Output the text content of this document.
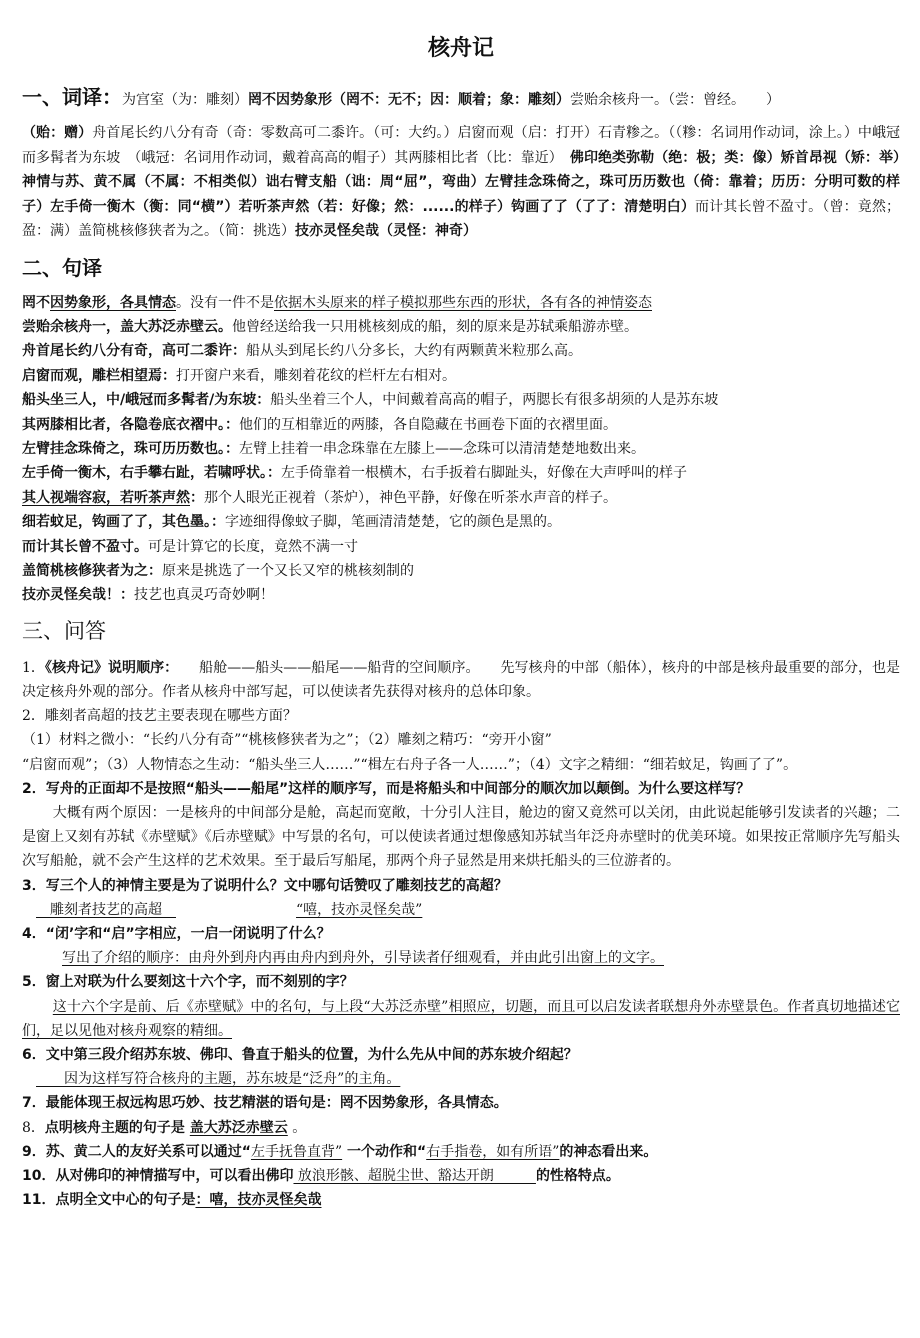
核舟记

一、词译：为宫室（为：雕刻）罔不因势象形（罔不：无不；因：顺着；象：雕刻）尝贻余核舟一。（尝：曾经。　　）

（贻：赠）舟首尾长约八分有奇（奇：零数高可二黍许。（可：大约。）启窗而观（启：打开）石青糁之。（（糁：名词用作动词，涂上。）中峨冠而多髯者为东坡　（峨冠：名词用作动词，戴着高高的帽子）其两膝相比者（比：靠近）　佛印绝类弥勒（绝：极；类：像）矫首昂视（矫：举）神情与苏、黄不属（不属：不相类似）诎右臂支船（诎：周“屈”，弯曲）左臂挂念珠倚之，珠可历历数也（倚：靠着；历历：分明可数的样子）左手倚一衡木（衡：同“横”）若听茶声然（若：好像；然：......的样子）钩画了了（了了：清楚明白）而计其长曾不盈寸。（曾：竟然；盈：满）盖简桃核修狭者为之。（简：挑选）技亦灵怪矣哉（灵怪：神奇）

二、句译

罔不因势象形，各具情态。没有一件不是依据木头原来的样子模拟那些东西的形状，各有各的神情姿态

尝贻余核舟一，盖大苏泛赤壁云。他曾经送给我一只用桃核刻成的船，刻的原来是苏轼乘船游赤壁。

舟首尾长约八分有奇，高可二黍许：船从头到尾长约八分多长，大约有两颗黄米粒那么高。

启窗而观，雕栏相望焉：打开窗户来看，雕刻着花纹的栏杆左右相对。

船头坐三人，中/峨冠而多髯者/为东坡：船头坐着三个人，中间戴着高高的帽子，两腮长有很多胡须的人是苏东坡

其两膝相比者，各隐卷底衣褶中。：他们的互相靠近的两膝，各自隐藏在书画卷下面的衣褶里面。

左臂挂念珠倚之，珠可历历数也。：左臂上挂着一串念珠靠在左膝上——念珠可以清清楚楚地数出来。

左手倚一衡木，右手攀右趾，若啸呼状。：左手倚靠着一根横木，右手扳着右脚趾头，好像在大声呼叫的样子

其人视端容寂，若听茶声然：那个人眼光正视着（茶炉），神色平静，好像在听茶水声音的样子。

细若蚊足，钩画了了，其色墨。：字迹细得像蚊子脚，笔画清清楚楚，它的颜色是黑的。

而计其长曾不盈寸。可是计算它的长度，竟然不满一寸

盖简桃核修狭者为之：原来是挑选了一个又长又窄的桃核刻制的

技亦灵怪矣哉！：技艺也真灵巧奇妙啊！

三、问答

1．《核舟记》说明顺序：　　船舱——船头——船尾——船背的空间顺序。　　先写核舟的中部（船体），核舟的中部是核舟最重要的部分，也是决定核舟外观的部分。作者从核舟中部写起，可以使读者先获得对核舟的总体印象。

2．雕刻者高超的技艺主要表现在哪些方面？

（1）材料之微小：“长约八分有奇”“桃核修狭者为之”；（2）雕刻之精巧：“旁开小窗”

“启窗而观”；（3）人物情态之生动：“船头坐三人……”“楫左右舟子各一人……”；（4）文字之精细：“细若蚊足，钩画了了”。

2．写舟的正面却不是按照“船头——船尾”这样的顺序写，而是将船头和中间部分的顺次加以颠倒。为什么要这样写？

大概有两个原因：一是核舟的中间部分是舱，高起而宽敞，十分引人注目，舱边的窗又竟然可以关闭，由此说起能够引发读者的兴趣；二是窗上又刻有苏轼《赤壁赋》《后赤壁赋》中写景的名句，可以使读者通过想像感知苏轼当年泛舟赤壁时的优美环境。如果按正常顺序先写船头次写船舱，就不会产生这样的艺术效果。至于最后写船尾，那两个舟子显然是用来烘托船头的三位游者的。

3．写三个人的神情主要是为了说明什么？文中哪句话赞叹了雕刻技艺的高超？

　雕刻者技艺的高超　	“嘻，技亦灵怪矣哉”

4．“闭’字和“启”字相应，一启一闭说明了什么？

写出了介绍的顺序：由舟外到舟内再由舟内到舟外，引导读者仔细观看，并由此引出窗上的文字。

5．窗上对联为什么要刻这十六个字，而不刻别的字？

这十六个字是前、后《赤壁赋》中的名句，与上段“大苏泛赤壁”相照应，切题，而且可以启发读者联想舟外赤壁景色。作者真切地描述它们，足以见他对核舟观察的精细。

6．文中第三段介绍苏东坡、佛印、鲁直于船头的位置，为什么先从中间的苏东坡介绍起？

　　因为这样写符合核舟的主题，苏东坡是“泛舟”的主角。

7．最能体现王叔远构思巧妙、技艺精湛的语句是：罔不因势象形，各具情态。

8．点明核舟主题的句子是 盖大苏泛赤壁云 。

9．苏、黄二人的友好关系可以通过“左手抚鲁直背” 一个动作和“右手指卷，如有所语”的神态看出来。

10．从对佛印的神情描写中，可以看出佛印 放浪形骸、超脱尘世、豁达开朗　　　的性格特点。

11．点明全文中心的句子是：嘻，技亦灵怪矣哉
